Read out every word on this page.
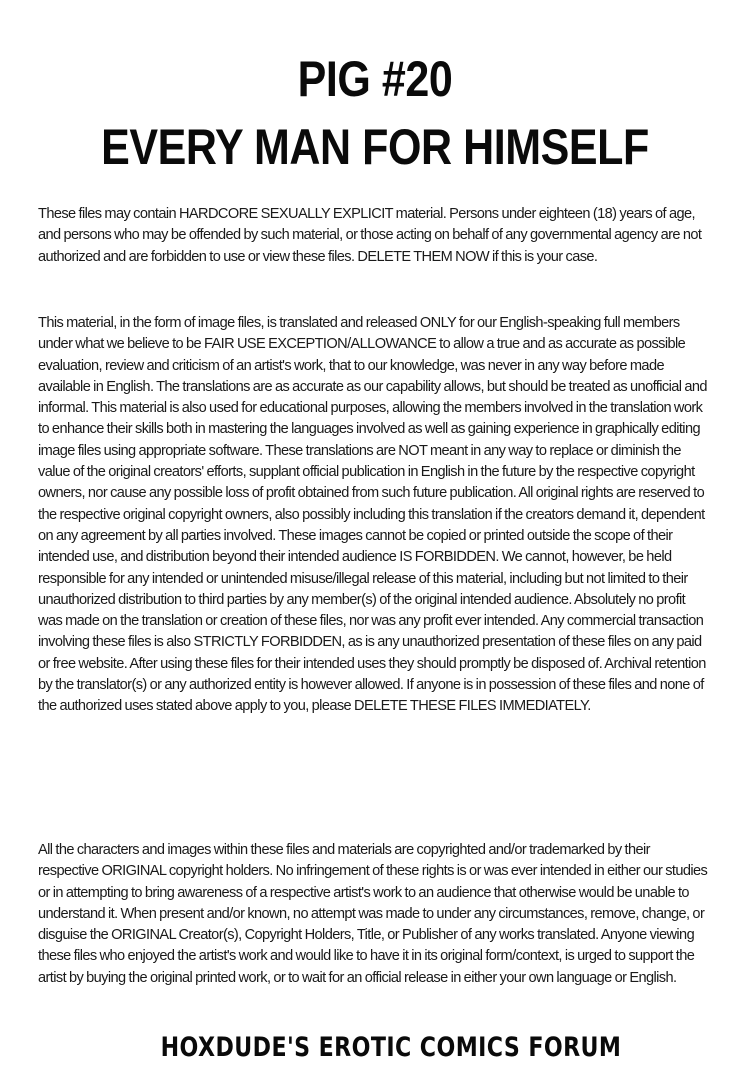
PIG #20
EVERY MAN FOR HIMSELF

These files may contain HARDCORE SEXUALLY EXPLICIT material. Persons under eighteen (18) years of age, and persons who may be offended by such material, or those acting on behalf of any governmental agency are not authorized and are forbidden to use or view these files. DELETE THEM NOW if this is your case.

This material, in the form of image files, is translated and released ONLY for our English-speaking full members under what we believe to be FAIR USE EXCEPTION/ALLOWANCE to allow a true and as accurate as possible evaluation, review and criticism of an artist's work, that to our knowledge, was never in any way before made available in English. The translations are as accurate as our capability allows, but should be treated as unofficial and informal. This material is also used for educational purposes, allowing the members involved in the translation work to enhance their skills both in mastering the languages involved as well as gaining experience in graphically editing image files using appropriate software. These translations are NOT meant in any way to replace or diminish the value of the original creators' efforts, supplant official publication in English in the future by the respective copyright owners, nor cause any possible loss of profit obtained from such future publication. All original rights are reserved to the respective original copyright owners, also possibly including this translation if the creators demand it, dependent on any agreement by all parties involved. These images cannot be copied or printed outside the scope of their intended use, and distribution beyond their intended audience IS FORBIDDEN. We cannot, however, be held responsible for any intended or unintended misuse/illegal release of this material, including but not limited to their unauthorized distribution to third parties by any member(s) of the original intended audience. Absolutely no profit was made on the translation or creation of these files, nor was any profit ever intended. Any commercial transaction involving these files is also STRICTLY FORBIDDEN, as is any unauthorized presentation of these files on any paid or free website. After using these files for their intended uses they should promptly be disposed of. Archival retention by the translator(s) or any authorized entity is however allowed. If anyone is in possession of these files and none of the authorized uses stated above apply to you, please DELETE THESE FILES IMMEDIATELY.

All the characters and images within these files and materials are copyrighted and/or trademarked by their respective ORIGINAL copyright holders. No infringement of these rights is or was ever intended in either our studies or in attempting to bring awareness of a respective artist's work to an audience that otherwise would be unable to understand it. When present and/or known, no attempt was made to under any circumstances, remove, change, or disguise the ORIGINAL Creator(s), Copyright Holders, Title, or Publisher of any works translated. Anyone viewing these files who enjoyed the artist's work and would like to have it in its original form/context, is urged to support the artist by buying the original printed work, or to wait for an official release in either your own language or English.

HOXDUDE'S EROTIC COMICS FORUM
